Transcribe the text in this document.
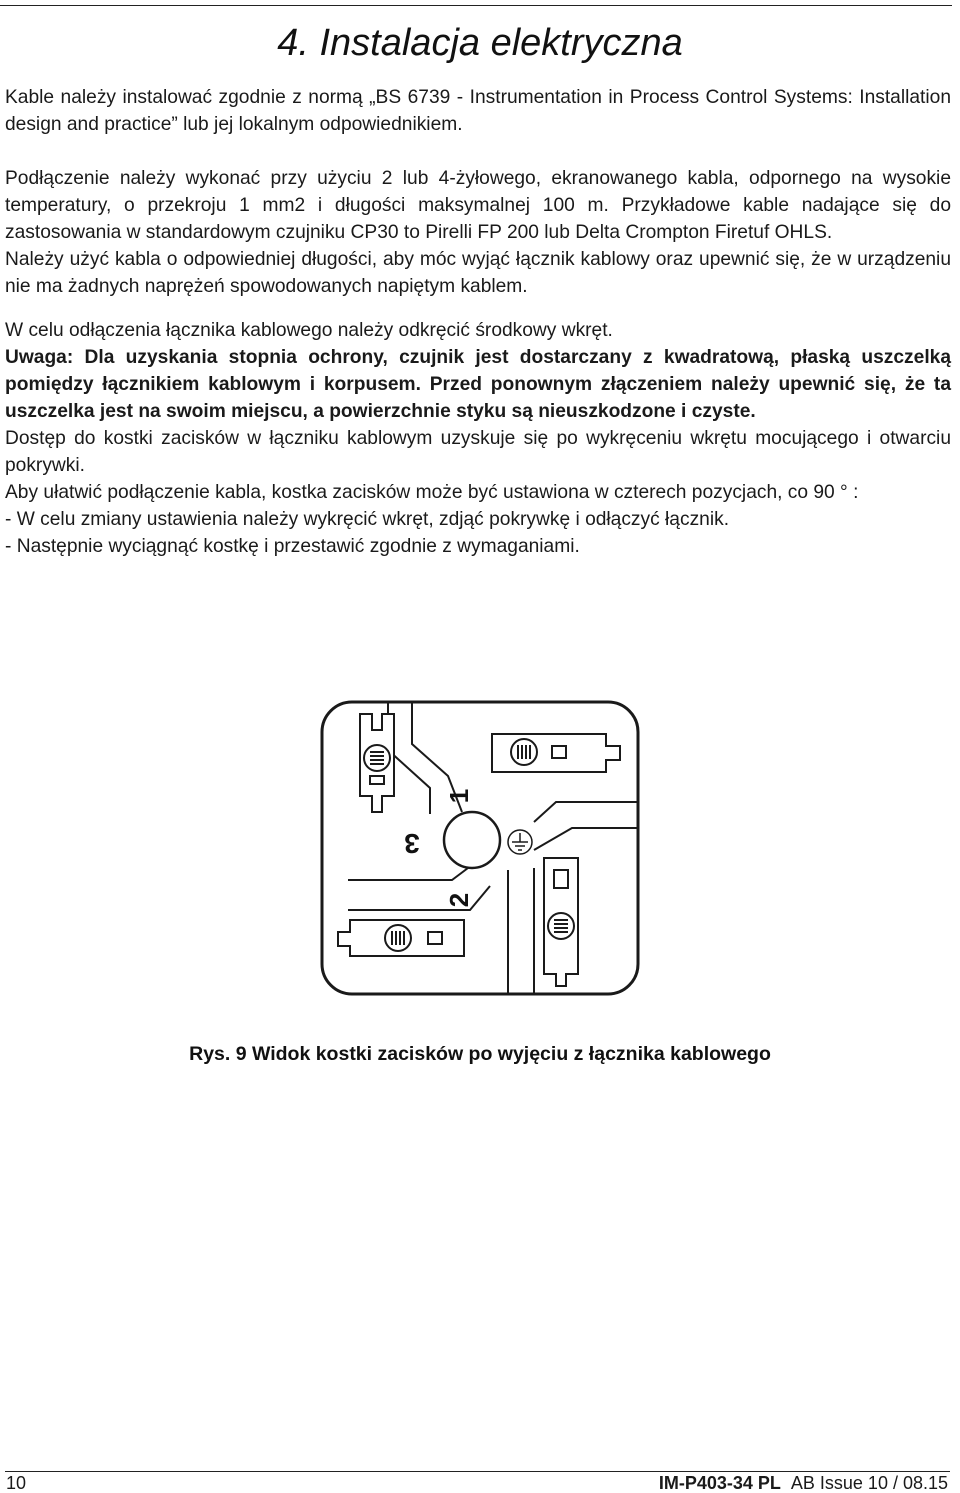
4. Instalacja elektryczna

Kable należy instalować zgodnie z normą „BS 6739 - Instrumentation in Process Control Systems: Installation design and practice” lub jej lokalnym odpowiednikiem.

Podłączenie należy wykonać przy użyciu 2 lub 4-żyłowego, ekranowanego kabla, odpornego na wysokie temperatury, o przekroju 1 mm2 i długości maksymalnej 100 m. Przykładowe kable nadające się do zastosowania w standardowym czujniku CP30 to Pirelli FP 200 lub Delta Crompton Firetuf OHLS.

Należy użyć kabla o odpowiedniej długości, aby móc wyjąć łącznik kablowy oraz upewnić się, że w urządzeniu nie ma żadnych naprężeń spowodowanych napiętym kablem.

W celu odłączenia łącznika kablowego należy odkręcić środkowy wkręt.

Uwaga: Dla uzyskania stopnia ochrony, czujnik jest dostarczany z kwadratową, płaską uszczelką pomiędzy łącznikiem kablowym i korpusem. Przed ponownym złączeniem należy upewnić się, że ta uszczelka jest na swoim miejscu, a powierzchnie styku są nieuszkodzone i czyste.

Dostęp do kostki zacisków w łączniku kablowym uzyskuje się po wykręceniu wkrętu mocującego i otwarciu pokrywki.

Aby ułatwić podłączenie kabla, kostka zacisków może być ustawiona w czterech pozycjach, co 90 ° :

- W celu zmiany ustawienia należy wykręcić wkręt, zdjąć pokrywkę i odłączyć łącznik.

- Następnie wyciągnąć kostkę i przestawić zgodnie z wymaganiami.

1
2
3
Rys. 9 Widok kostki zacisków po wyjęciu z łącznika kablowego
10	IM-P403-34 PL AB Issue 10 / 08.15
